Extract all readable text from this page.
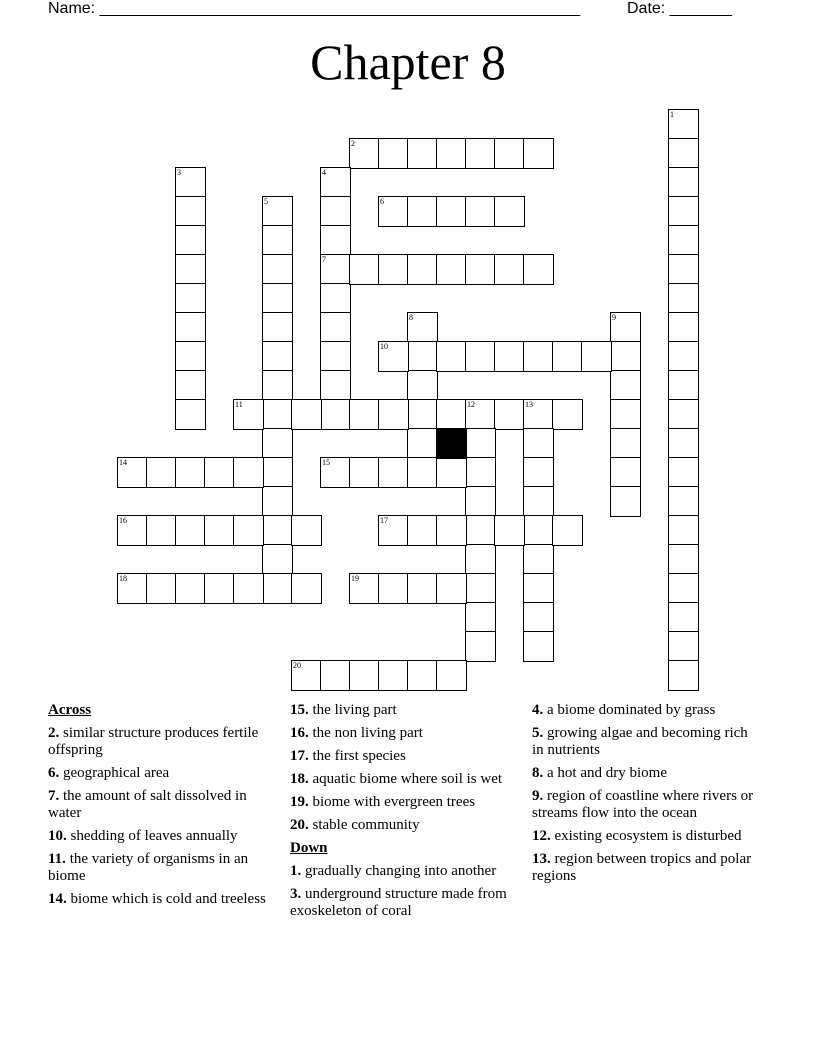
Name: ______________________________________________________	Date: _______
Chapter 8
1
2
3	4
7
5	6
8	9
10
11	12	13
14	15
16	17
18	19
20
Across
2. similar structure produces fertile offspring
6. geographical area
7. the amount of salt dissolved in water
10. shedding of leaves annually
11. the variety of organisms in an biome
14. biome which is cold and treeless
15. the living part
16. the non living part
17. the first species
18. aquatic biome where soil is wet
19. biome with evergreen trees
20. stable community
Down
1. gradually changing into another
3. underground structure made from exoskeleton of coral
4. a biome dominated by grass
5. growing algae and becoming rich in nutrients
8. a hot and dry biome
9. region of coastline where rivers or streams flow into the ocean
12. existing ecosystem is disturbed
13. region between tropics and polar regions
